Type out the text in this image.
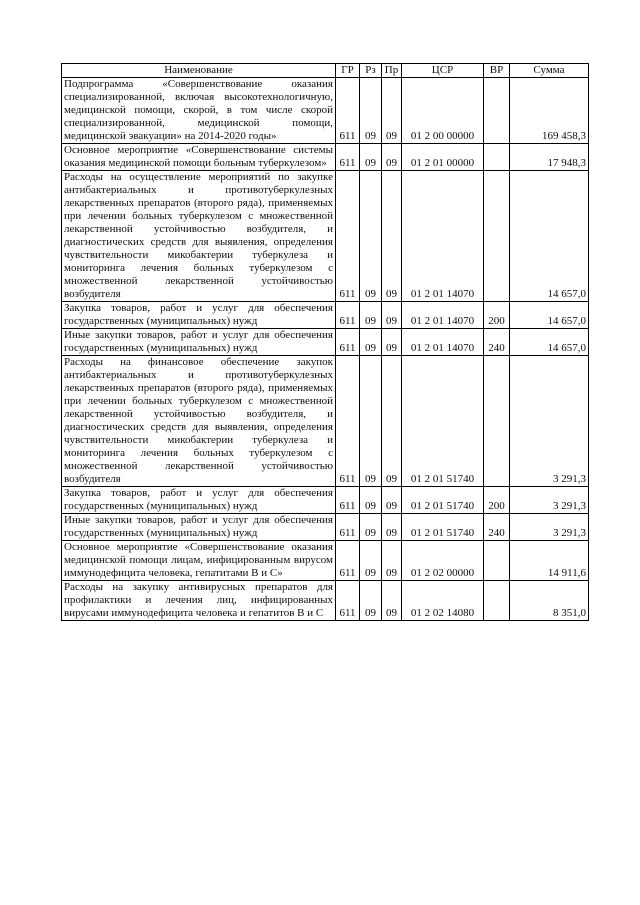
Наименование	ГР	Рз	Пр	ЦСР	ВР	Сумма
Подпрограмма «Совершенствование оказания специализированной, включая высокотехнологичную, медицинской помощи, скорой, в том числе скорой специализированной, медицинской помощи, медицинской эвакуации» на 2014-2020 годы»	611	09	09	01 2 00 00000		169 458,3
Основное мероприятие «Совершенствование системы оказания медицинской помощи больным туберкулезом»	611	09	09	01 2 01 00000		17 948,3
Расходы на осуществление мероприятий по закупке антибактериальных и противотуберкулезных лекарственных препаратов (второго ряда), применяемых при лечении больных туберкулезом с множественной лекарственной устойчивостью возбудителя, и диагностических средств для выявления, определения чувствительности микобактерии туберкулеза и мониторинга лечения больных туберкулезом с множественной лекарственной устойчивостью возбудителя	611	09	09	01 2 01 14070		14 657,0
Закупка товаров, работ и услуг для обеспечения государственных (муниципальных) нужд	611	09	09	01 2 01 14070	200	14 657,0
Иные закупки товаров, работ и услуг для обеспечения государственных (муниципальных) нужд	611	09	09	01 2 01 14070	240	14 657,0
Расходы на финансовое обеспечение закупок антибактериальных и противотуберкулезных лекарственных препаратов (второго ряда), применяемых при лечении больных туберкулезом с множественной лекарственной устойчивостью возбудителя, и диагностических средств для выявления, определения чувствительности микобактерии туберкулеза и мониторинга лечения больных туберкулезом с множественной лекарственной устойчивостью возбудителя	611	09	09	01 2 01 51740		3 291,3
Закупка товаров, работ и услуг для обеспечения государственных (муниципальных) нужд	611	09	09	01 2 01 51740	200	3 291,3
Иные закупки товаров, работ и услуг для обеспечения государственных (муниципальных) нужд	611	09	09	01 2 01 51740	240	3 291,3
Основное мероприятие «Совершенствование оказания медицинской помощи лицам, инфицированным вирусом иммунодефицита человека, гепатитами В и С»	611	09	09	01 2 02 00000		14 911,6
Расходы на закупку антивирусных препаратов для профилактики и лечения лиц, инфицированных вирусами иммунодефицита человека и гепатитов В и С	611	09	09	01 2 02 14080		8 351,0
